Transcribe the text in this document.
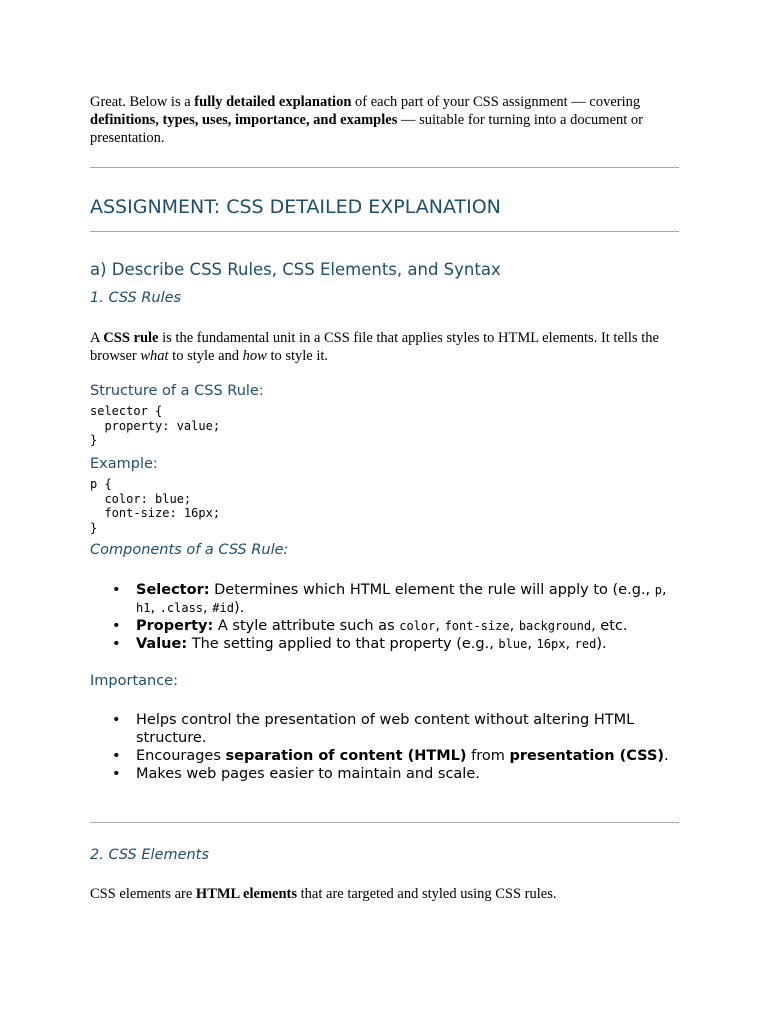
Great. Below is a fully detailed explanation of each part of your CSS assignment — covering definitions, types, uses, importance, and examples — suitable for turning into a document or presentation.

ASSIGNMENT: CSS DETAILED EXPLANATION
a) Describe CSS Rules, CSS Elements, and Syntax
1. CSS Rules

A CSS rule is the fundamental unit in a CSS file that applies styles to HTML elements. It tells the browser what to style and how to style it.

Structure of a CSS Rule:
selector {
property: value;
}
Example:
p {
color: blue;
font-size: 16px;
}
Components of a CSS Rule:
• Selector: Determines which HTML element the rule will apply to (e.g., p, h1, .class, #id).
• Property: A style attribute such as color, font-size, background, etc.
• Value: The setting applied to that property (e.g., blue, 16px, red).
Importance:
• Helps control the presentation of web content without altering HTML structure.
• Encourages separation of content (HTML) from presentation (CSS).
• Makes web pages easier to maintain and scale.
2. CSS Elements

CSS elements are HTML elements that are targeted and styled using CSS rules.
